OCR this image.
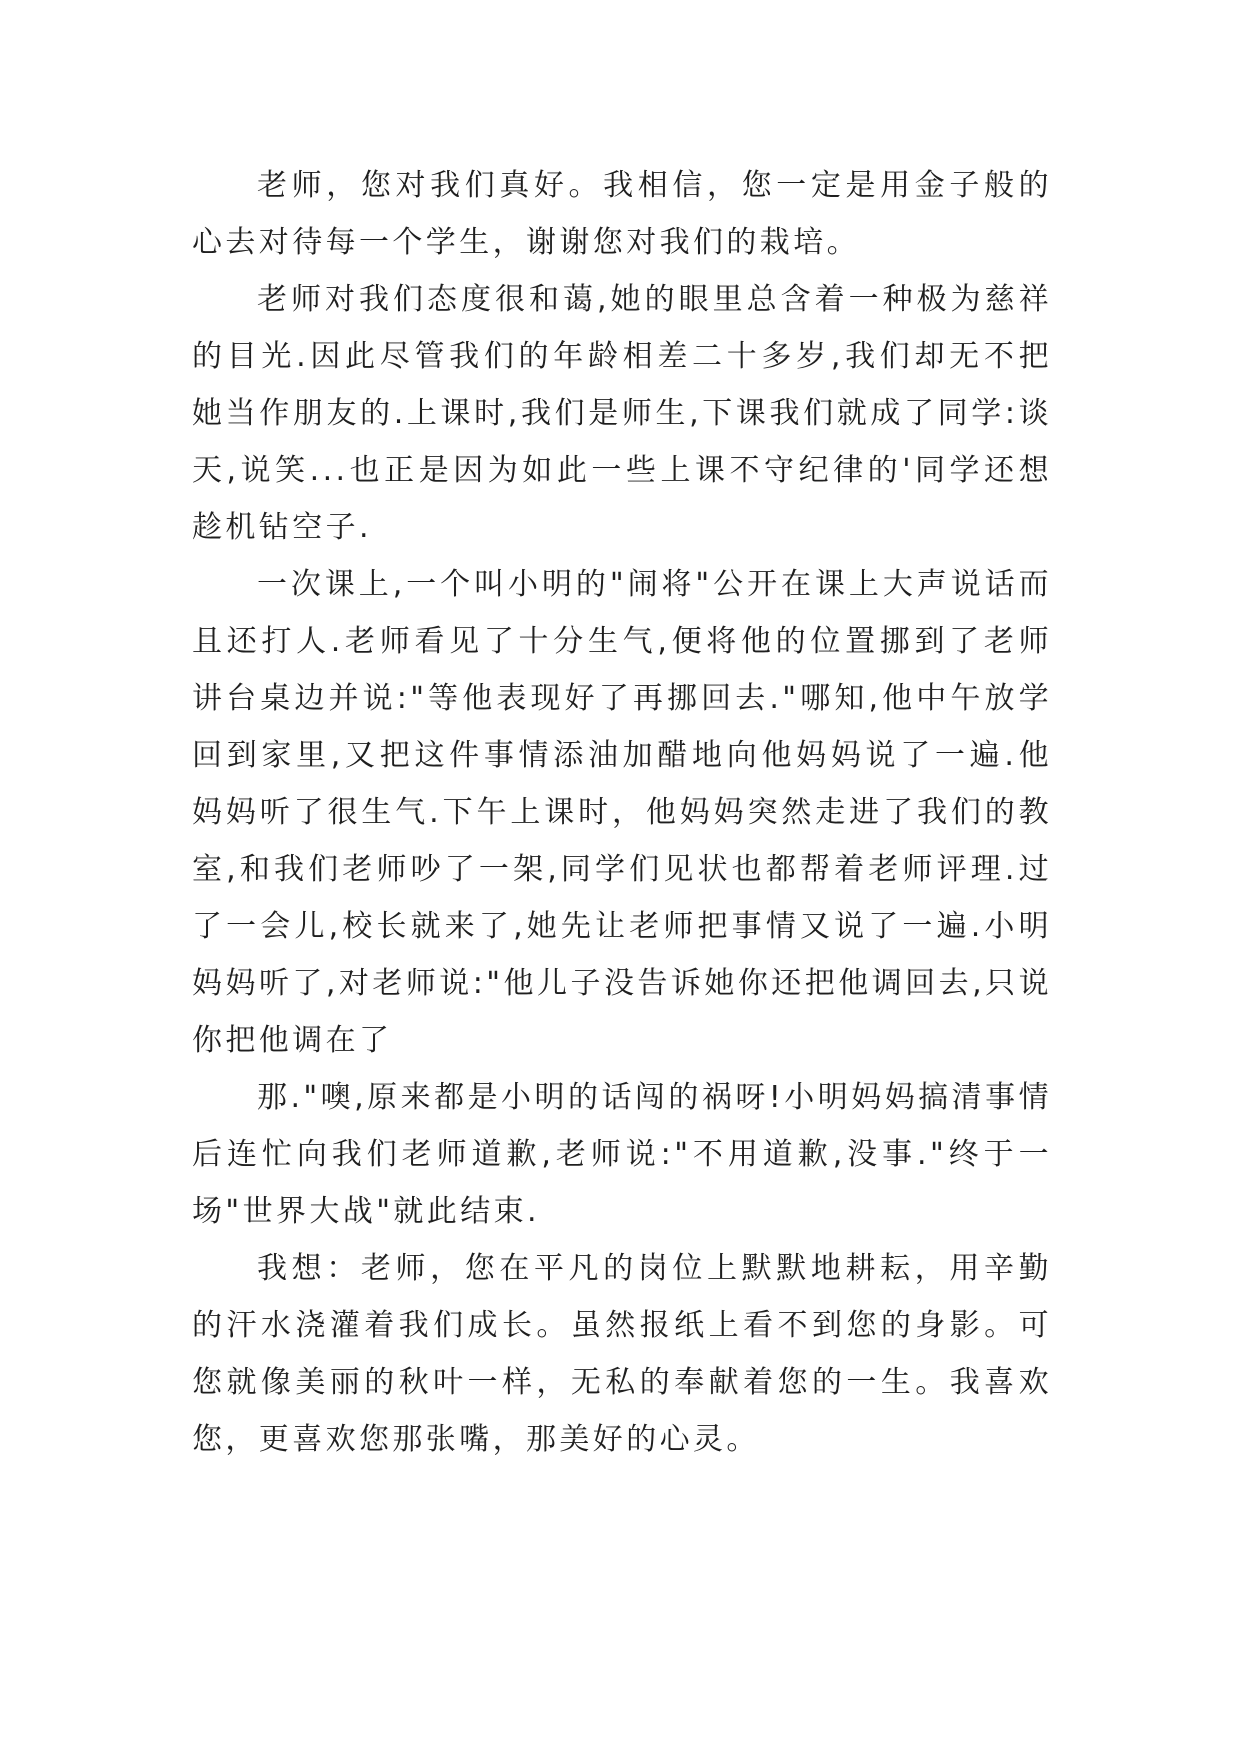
老师，您对我们真好。我相信，您一定是用金子般的心去对待每一个学生，谢谢您对我们的栽培。

老师对我们态度很和蔼,她的眼里总含着一种极为慈祥的目光.因此尽管我们的年龄相差二十多岁,我们却无不把她当作朋友的.上课时,我们是师生,下课我们就成了同学:谈天,说笑...也正是因为如此一些上课不守纪律的'同学还想趁机钻空子.

一次课上,一个叫小明的"闹将"公开在课上大声说话而且还打人.老师看见了十分生气,便将他的位置挪到了老师讲台桌边并说:"等他表现好了再挪回去."哪知,他中午放学回到家里,又把这件事情添油加醋地向他妈妈说了一遍.他妈妈听了很生气.下午上课时，他妈妈突然走进了我们的教室,和我们老师吵了一架,同学们见状也都帮着老师评理.过了一会儿,校长就来了,她先让老师把事情又说了一遍.小明妈妈听了,对老师说:"他儿子没告诉她你还把他调回去,只说你把他调在了

那."噢,原来都是小明的话闯的祸呀!小明妈妈搞清事情后连忙向我们老师道歉,老师说:"不用道歉,没事."终于一场"世界大战"就此结束.

我想：老师，您在平凡的岗位上默默地耕耘，用辛勤的汗水浇灌着我们成长。虽然报纸上看不到您的身影。可您就像美丽的秋叶一样，无私的奉献着您的一生。我喜欢您，更喜欢您那张嘴，那美好的心灵。
